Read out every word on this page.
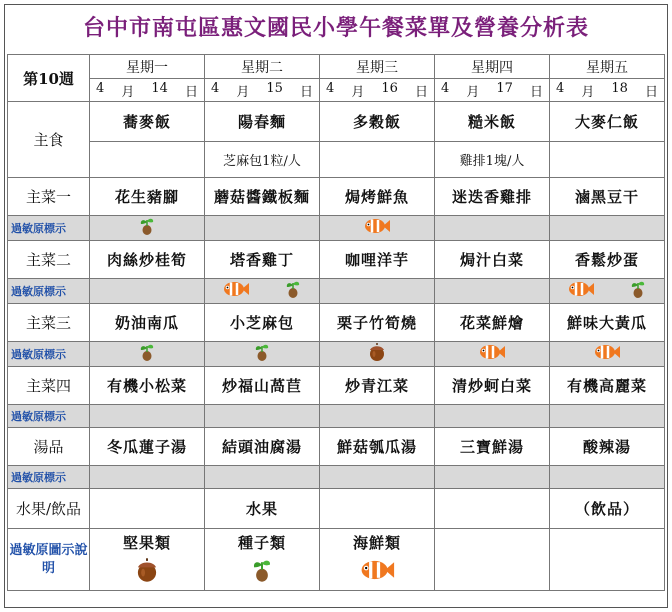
台中市南屯區惠文國民小學午餐菜單及營養分析表
第10週	星期一	星期二	星期三	星期四	星期五

	4 月 14 日	4 月 15 日	4 月 16 日	4 月 17 日	4 月 18 日

主食	蕎麥飯	陽春麵	多穀飯	糙米飯	大麥仁飯
		芝麻包1粒/人		雞排1塊/人	
主菜一	花生豬腳	蘑菇醬鐵板麵	焗烤鮮魚	迷迭香雞排	滷黑豆干
過敏原標示	

主菜二	肉絲炒桂筍	塔香雞丁	咖哩洋芋	焗汁白菜	香鬆炒蛋
過敏原標示		

主菜三	奶油南瓜	小芝麻包	栗子竹筍燒	花菜鮮燴	鮮味大黃瓜
過敏原標示	

主菜四	有機小松菜	炒福山萵苣	炒青江菜	清炒蚵白菜	有機高麗菜
過敏原標示					
湯品	冬瓜蓮子湯	結頭油腐湯	鮮菇瓠瓜湯	三寶鮮湯	酸辣湯
過敏原標示					
水果/飲品		水果			（飲品）
過敏原圖示說明	堅果類	種子類	海鮮類		
